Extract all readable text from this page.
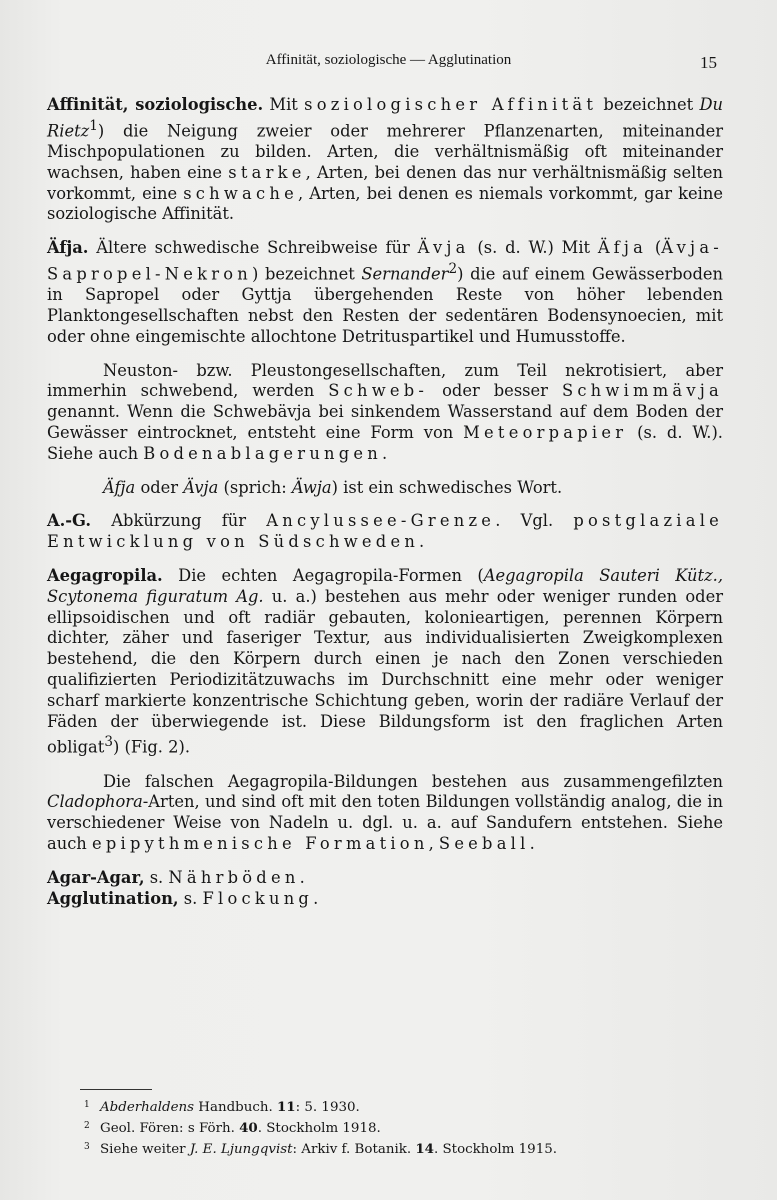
Affinität, soziologische — Agglutination	15

Affinität, soziologische. Mit soziologischer Affinität bezeichnet Du Rietz$^1$) die Neigung zweier oder mehrerer Pflanzenarten, miteinander Mischpopulationen zu bilden. Arten, die verhältnismäßig oft miteinander wachsen, haben eine starke, Arten, bei denen das nur verhältnismäßig selten vorkommt, eine schwache, Arten, bei denen es niemals vorkommt, gar keine soziologische Affinität.

Äfja. Ältere schwedische Schreibweise für Ävja (s. d. W.) Mit Äfja (Ävja-Sapropel-Nekron) bezeichnet Sernander$^2$) die auf einem Gewässerboden in Sapropel oder Gyttja übergehenden Reste von höher lebenden Planktongesellschaften nebst den Resten der sedentären Bodensynoecien, mit oder ohne eingemischte allochtone Detrituspartikel und Humusstoffe.

Neuston- bzw. Pleustongesellschaften, zum Teil nekrotisiert, aber immerhin schwebend, werden Schweb- oder besser Schwimmävja genannt. Wenn die Schwebävja bei sinkendem Wasserstand auf dem Boden der Gewässer eintrocknet, entsteht eine Form von Meteorpapier (s. d. W.). Siehe auch Bodenablagerungen.

Äfja oder Ävja (sprich: Äwja) ist ein schwedisches Wort.

A.-G. Abkürzung für Ancylussee-Grenze. Vgl. postglaziale Entwicklung von Südschweden.

Aegagropila. Die echten Aegagropila-Formen (Aegagropila Sauteri Kütz., Scytonema figuratum Ag. u. a.) bestehen aus mehr oder weniger runden oder ellipsoidischen und oft radiär gebauten, kolonieartigen, perennen Körpern dichter, zäher und faseriger Textur, aus individualisierten Zweigkomplexen bestehend, die den Körpern durch einen je nach den Zonen verschieden qualifizierten Periodizitätzuwachs im Durchschnitt eine mehr oder weniger scharf markierte konzentrische Schichtung geben, worin der radiäre Verlauf der Fäden der überwiegende ist. Diese Bildungsform ist den fraglichen Arten obligat$^3$) (Fig. 2).

Die falschen Aegagropila-Bildungen bestehen aus zusammengefilzten Cladophora-Arten, und sind oft mit den toten Bildungen vollständig analog, die in verschiedener Weise von Nadeln u. dgl. u. a. auf Sandufern entstehen. Siehe auch epipythmenische Formation, Seeball.

Agar-Agar, s. Nährböden.

Agglutination, s. Flockung.

1 Abderhaldens Handbuch. 11: 5. 1930.
2 Geol. Fören: s Förh. 40. Stockholm 1918.
3 Siehe weiter J. E. Ljungqvist: Arkiv f. Botanik. 14. Stockholm 1915.
